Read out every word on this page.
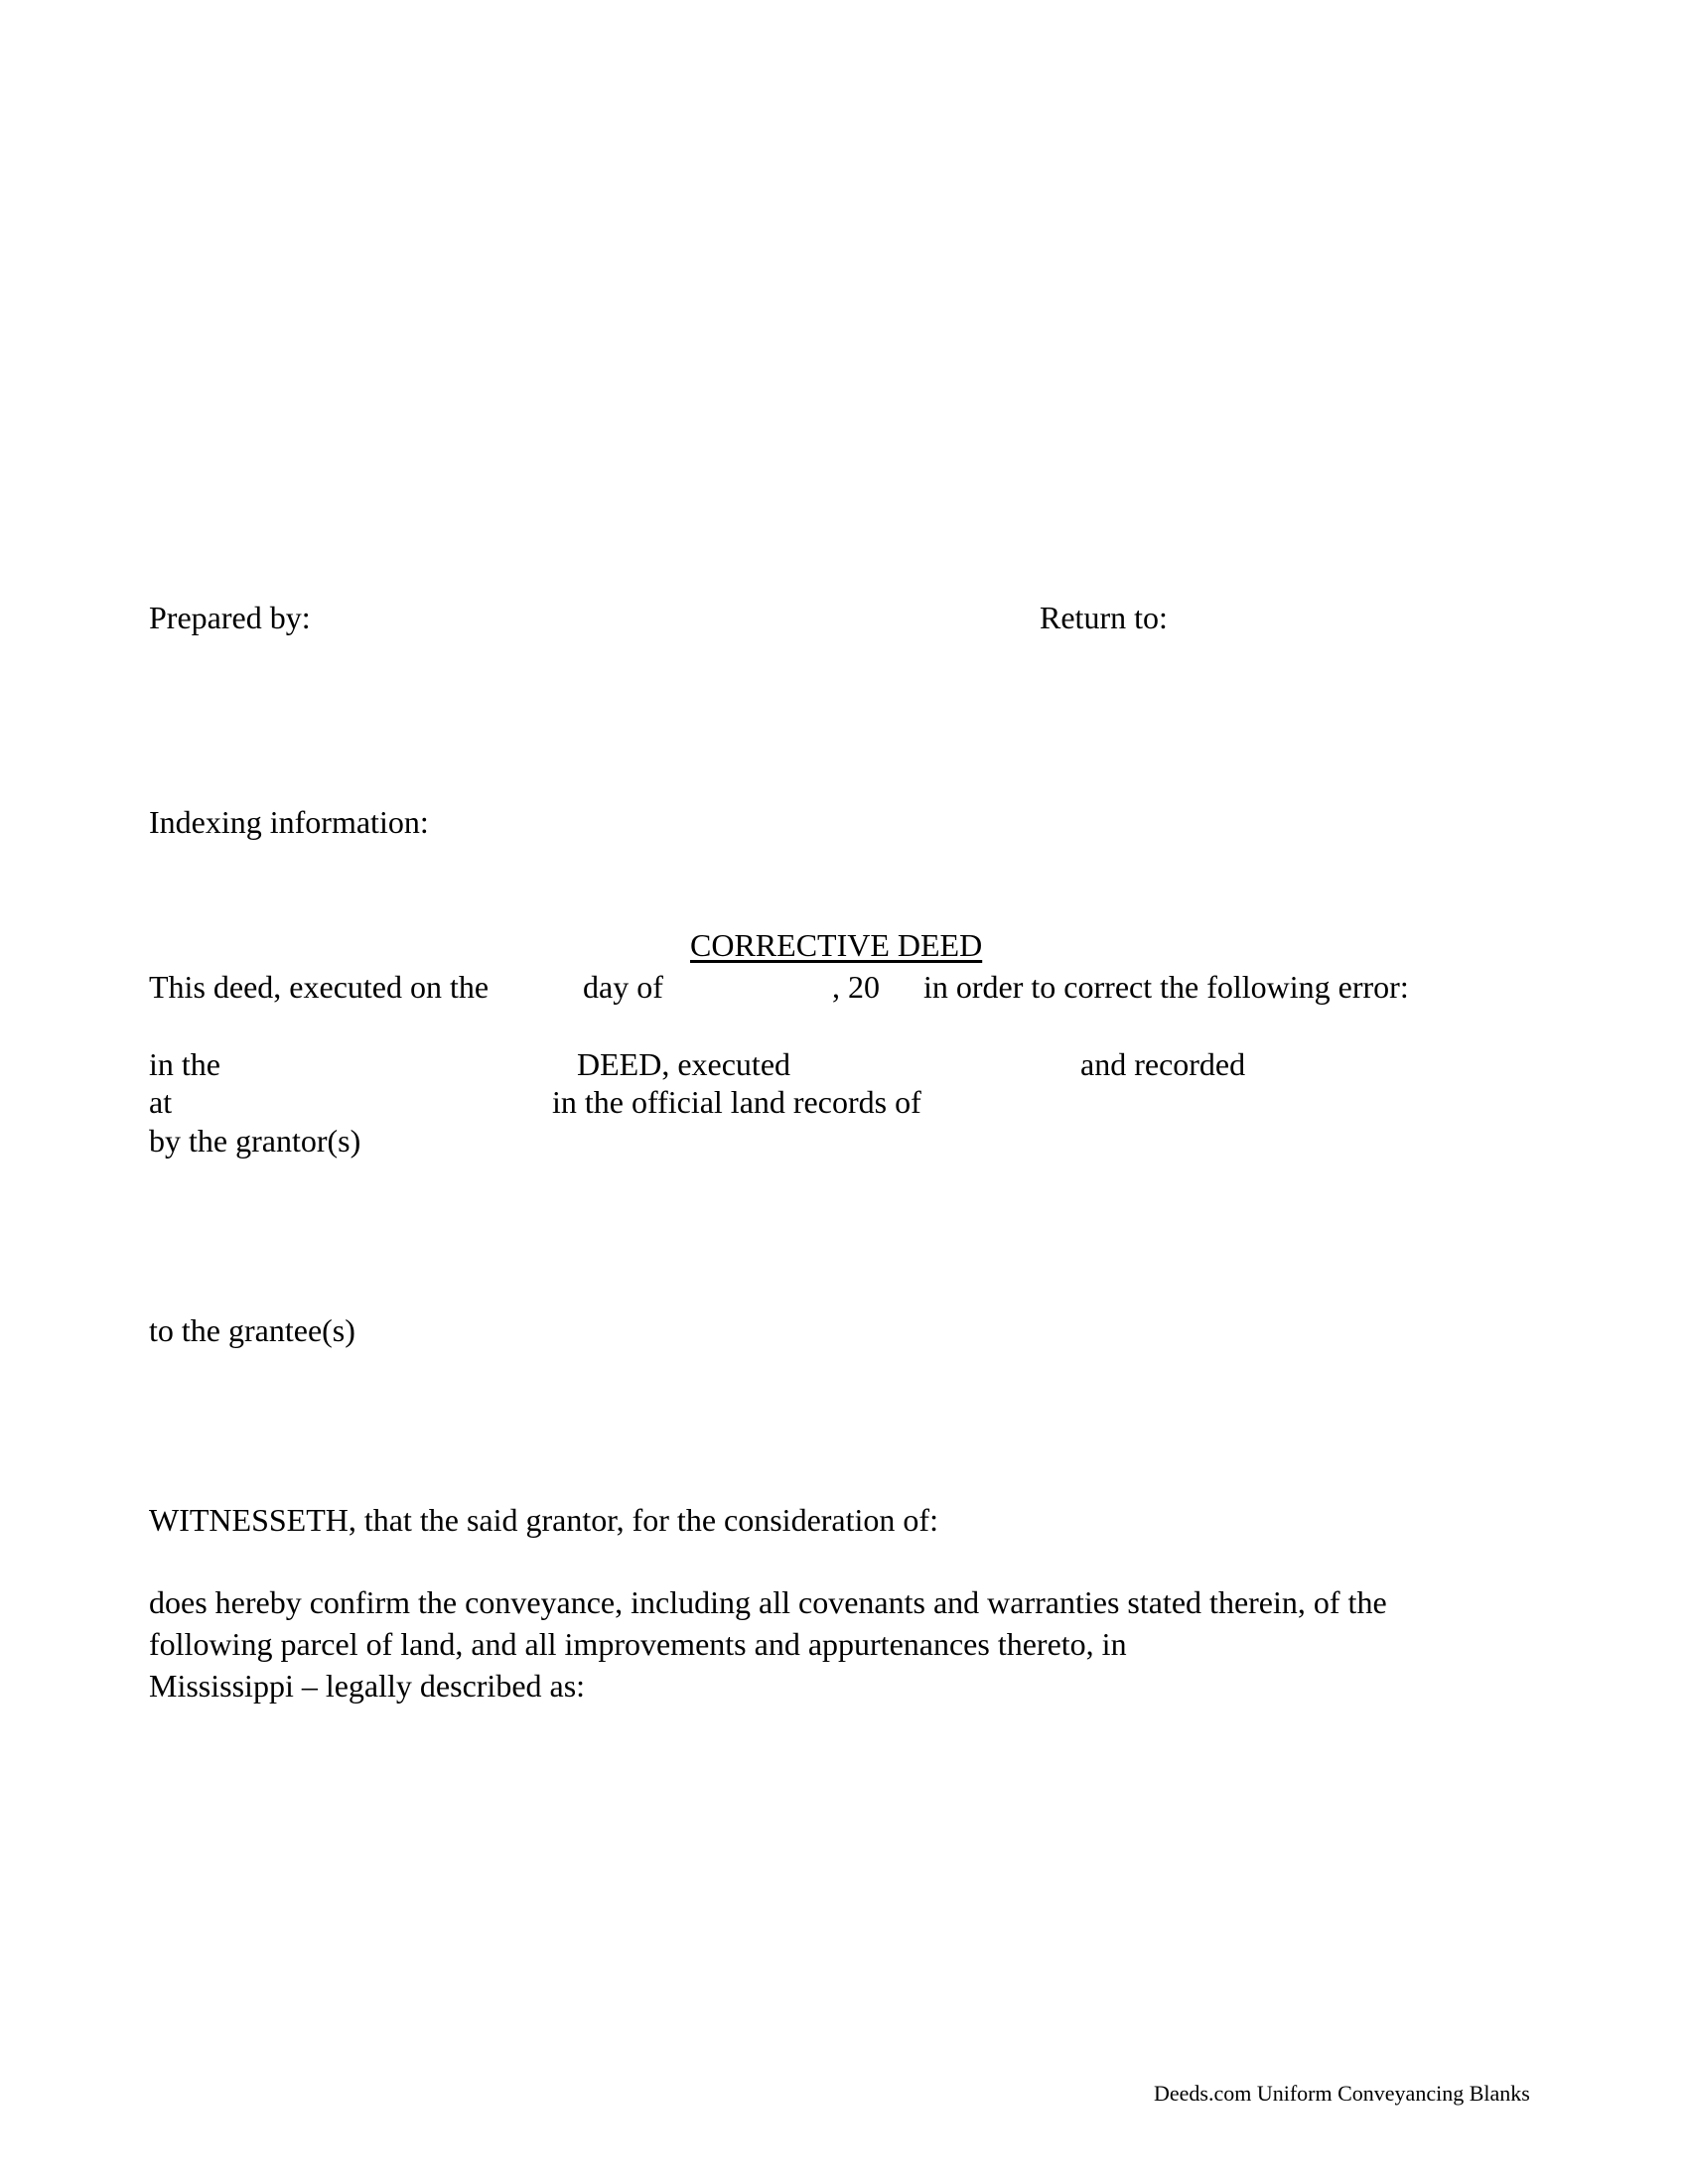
Prepared by:	Return to:
Indexing information:
CORRECTIVE DEED
This deed, executed on the	day of	, 20 in order to correct the following error:
in the	DEED, executed	and recorded
at	in the official land records of
by the grantor(s)
to the grantee(s)
WITNESSETH, that the said grantor, for the consideration of:
does hereby confirm the conveyance, including all covenants and warranties stated therein, of the
following parcel of land, and all improvements and appurtenances thereto, in
Mississippi – legally described as:
Deeds.com Uniform Conveyancing Blanks
